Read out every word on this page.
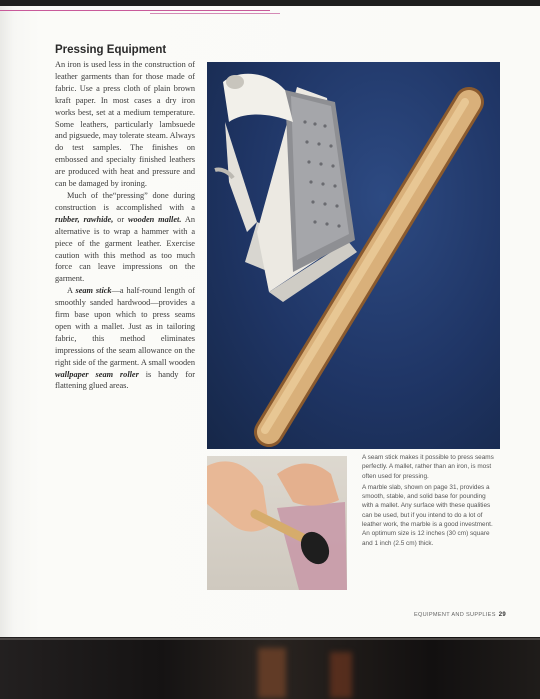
Pressing Equipment

An iron is used less in the construction of leather garments than for those made of fabric. Use a press cloth of plain brown kraft paper. In most cases a dry iron works best, set at a medium temperature. Some leathers, particularly lambsuede and pigsuede, may tolerate steam. Always do test samples. The finishes on embossed and specialty finished leathers are produced with heat and pressure and can be damaged by ironing.

Much of the“pressing” done during construction is accomplished with a rubber, rawhide, or wooden mallet. An alternative is to wrap a hammer with a piece of the garment leather. Exercise caution with this method as too much force can leave impressions on the garment.

A seam stick—a half-round length of smoothly sanded hardwood—provides a firm base upon which to press seams open with a mallet. Just as in tailoring fabric, this method eliminates impressions of the seam allowance on the right side of the garment. A small wooden wallpaper seam roller is handy for flattening glued areas.

A seam stick makes it possible to press seams perfectly. A mallet, rather than an iron, is most often used for pressing.

A marble slab, shown on page 31, provides a smooth, stable, and solid base for pounding with a mallet. Any surface with these qualities can be used, but if you intend to do a lot of leather work, the marble is a good investment. An optimum size is 12 inches (30 cm) square and 1 inch (2.5 cm) thick.

EQUIPMENT AND SUPPLIES 29
